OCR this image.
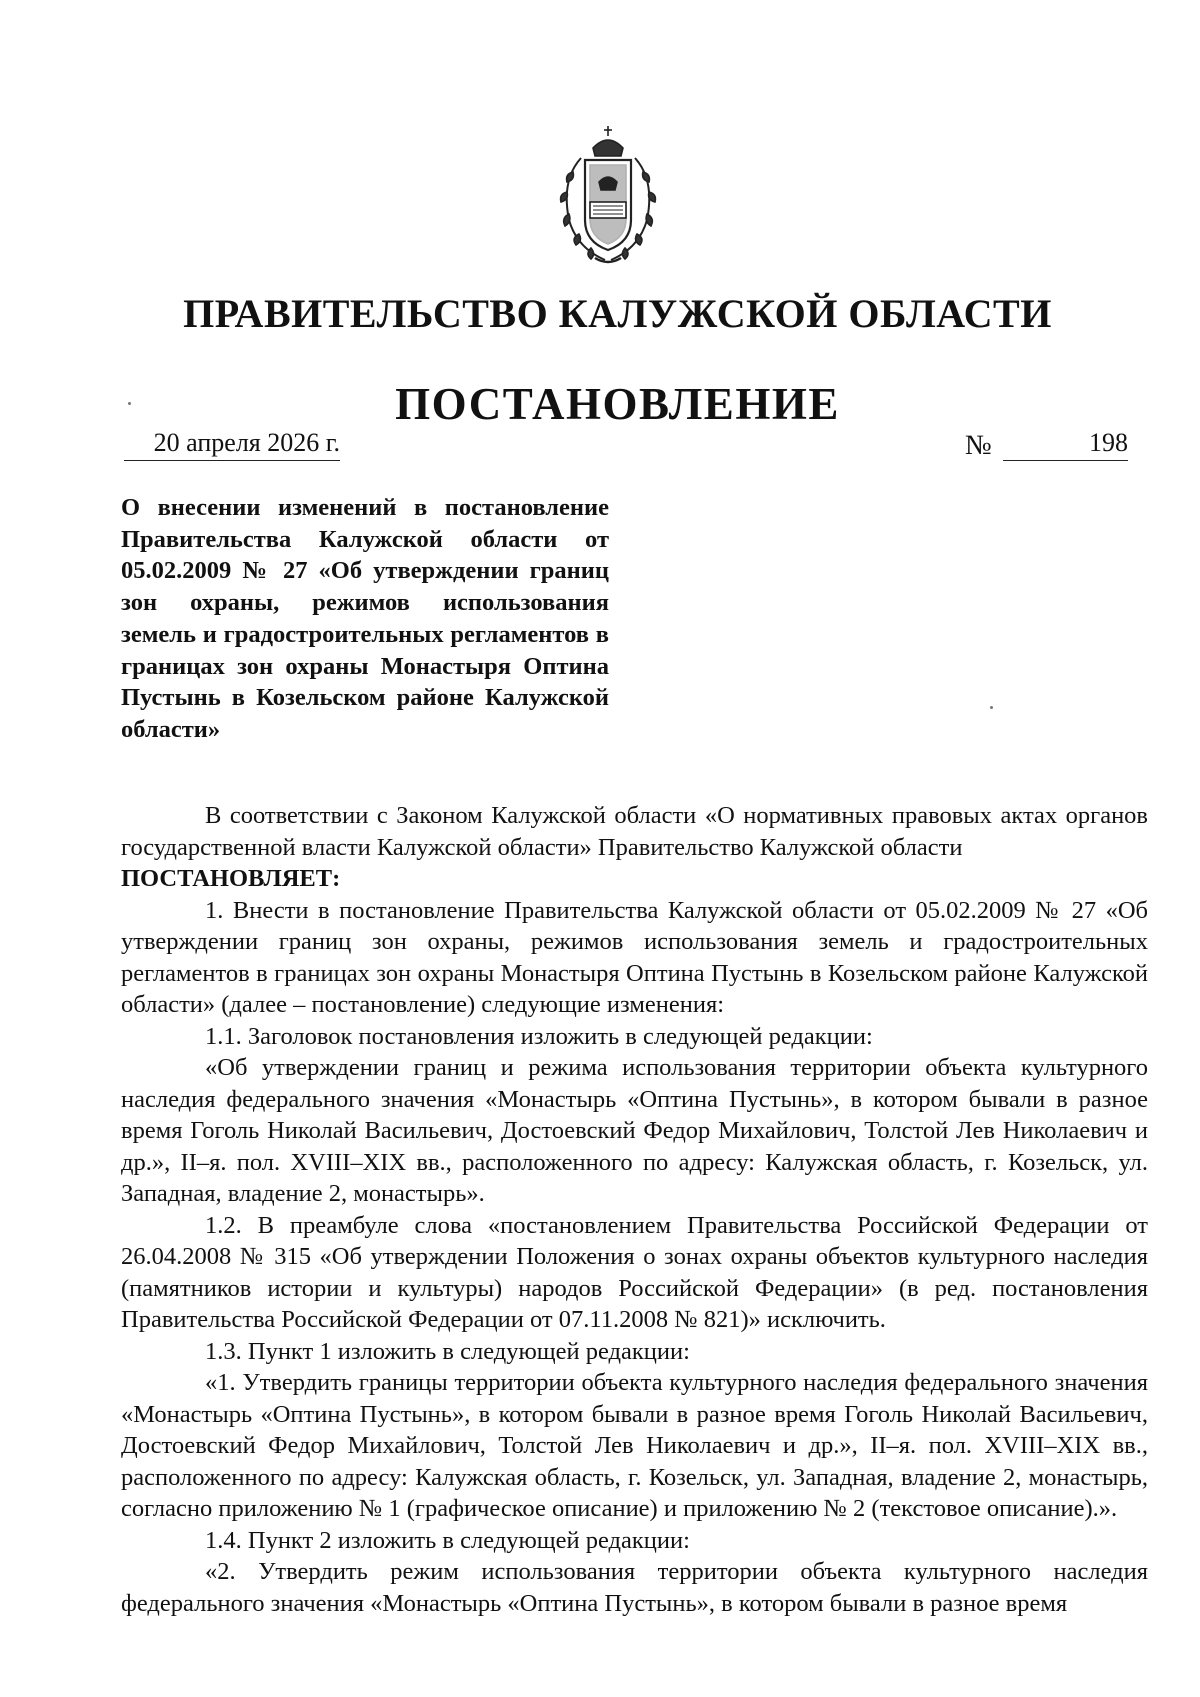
ПРАВИТЕЛЬСТВО КАЛУЖСКОЙ ОБЛАСТИ
ПОСТАНОВЛЕНИЕ
20 апреля 2026 г.	№	198
О внесении изменений в постановление Правительства Калужской области от 05.02.2009 № 27 «Об утверждении границ зон охраны, режимов использования земель и градостроительных регламентов в границах зон охраны Монастыря Оптина Пустынь в Козельском районе Калужской области»

В соответствии с Законом Калужской области «О нормативных правовых актах органов государственной власти Калужской области» Правительство Калужской области

ПОСТАНОВЛЯЕТ:

1. Внести в постановление Правительства Калужской области от 05.02.2009 № 27 «Об утверждении границ зон охраны, режимов использования земель и градостроительных регламентов в границах зон охраны Монастыря Оптина Пустынь в Козельском районе Калужской области» (далее – постановление) следующие изменения:

1.1. Заголовок постановления изложить в следующей редакции:

«Об утверждении границ и режима использования территории объекта культурного наследия федерального значения «Монастырь «Оптина Пустынь», в котором бывали в разное время Гоголь Николай Васильевич, Достоевский Федор Михайлович, Толстой Лев Николаевич и др.», II–я. пол. XVIII–XIX вв., расположенного по адресу: Калужская область, г. Козельск, ул. Западная, владение 2, монастырь».

1.2. В преамбуле слова «постановлением Правительства Российской Федерации от 26.04.2008 № 315 «Об утверждении Положения о зонах охраны объектов культурного наследия (памятников истории и культуры) народов Российской Федерации» (в ред. постановления Правительства Российской Федерации от 07.11.2008 № 821)» исключить.

1.3. Пункт 1 изложить в следующей редакции:

«1. Утвердить границы территории объекта культурного наследия федерального значения «Монастырь «Оптина Пустынь», в котором бывали в разное время Гоголь Николай Васильевич, Достоевский Федор Михайлович, Толстой Лев Николаевич и др.», II–я. пол. XVIII–XIX вв., расположенного по адресу: Калужская область, г. Козельск, ул. Западная, владение 2, монастырь, согласно приложению № 1 (графическое описание) и приложению № 2 (текстовое описание).».

1.4. Пункт 2 изложить в следующей редакции:

«2. Утвердить режим использования территории объекта культурного наследия федерального значения «Монастырь «Оптина Пустынь», в котором бывали в разное время
